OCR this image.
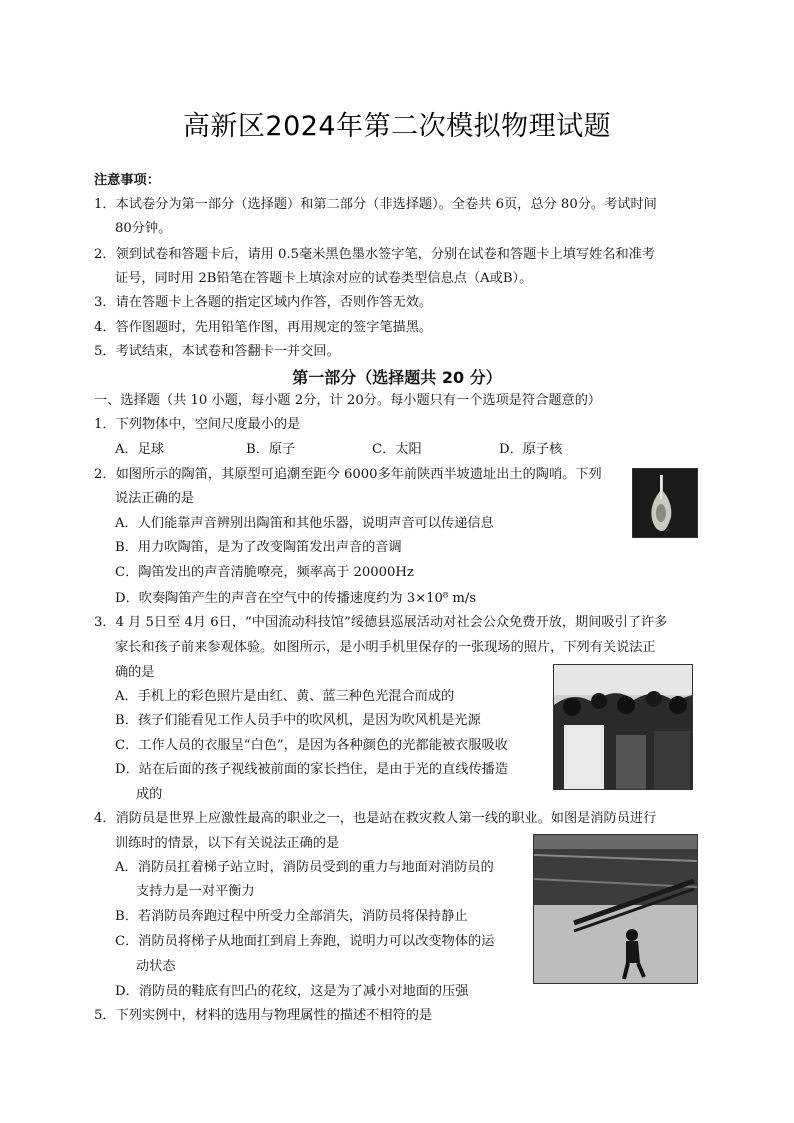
高新区2024年第二次模拟物理试题
注意事项：
1．本试卷分为第一部分（选择题）和第二部分（非选择题）。全卷共 6页，总分 80分。考试时间
80分钟。
2．领到试卷和答题卡后，请用 0.5毫米黑色墨水签字笔，分别在试卷和答题卡上填写姓名和准考
证号，同时用 2B铅笔在答题卡上填涂对应的试卷类型信息点（A或B）。
3．请在答题卡上各题的指定区域内作答，否则作答无效。
4．答作图题时，先用铅笔作图，再用规定的签字笔描黑。
5．考试结束，本试卷和答翻卡一并交回。
第一部分（选择题共 20 分）
一、选择题（共 10 小题，每小题 2分，计 20分。每小题只有一个选项是符合题意的）
1．下列物体中，空间尺度最小的是
A．足球	B．原子	C．太阳	D．原子核
2．如图所示的陶笛，其原型可追潮至距今 6000多年前陕西半坡遗址出土的陶哨。下列
说法正确的是
A．人们能靠声音辨别出陶笛和其他乐器，说明声音可以传递信息
B．用力吹陶笛，是为了改变陶笛发出声音的音调
C．陶笛发出的声音清脆嘹亮，频率高于 20000Hz
D．吹奏陶笛产生的声音在空气中的传播速度约为 3×10⁸ m/s
3．4 月 5日至 4月 6日，“中国流动科技馆”绥德县巡展活动对社会公众免费开放，期间吸引了许多
家长和孩子前来参观体验。如图所示，是小明手机里保存的一张现场的照片，下列有关说法正
确的是
A．手机上的彩色照片是由红、黄、蓝三种色光混合而成的
B．孩子们能看见工作人员手中的吹风机，是因为吹风机是光源
C．工作人员的衣服呈“白色”，是因为各种颜色的光都能被衣服吸收
D．站在后面的孩子视线被前面的家长挡住，是由于光的直线传播造
成的
4．消防员是世界上应激性最高的职业之一，也是站在救灾救人第一线的职业。如图是消防员进行
训练时的情景，以下有关说法正确的是
A．消防员扛着梯子站立时，消防员受到的重力与地面对消防员的
支持力是一对平衡力
B．若消防员奔跑过程中所受力全部消失，消防员将保持静止
C．消防员将梯子从地面扛到肩上奔跑，说明力可以改变物体的运
动状态
D．消防员的鞋底有凹凸的花纹，这是为了减小对地面的压强
5．下列实例中，材料的选用与物理属性的描述不相符的是
